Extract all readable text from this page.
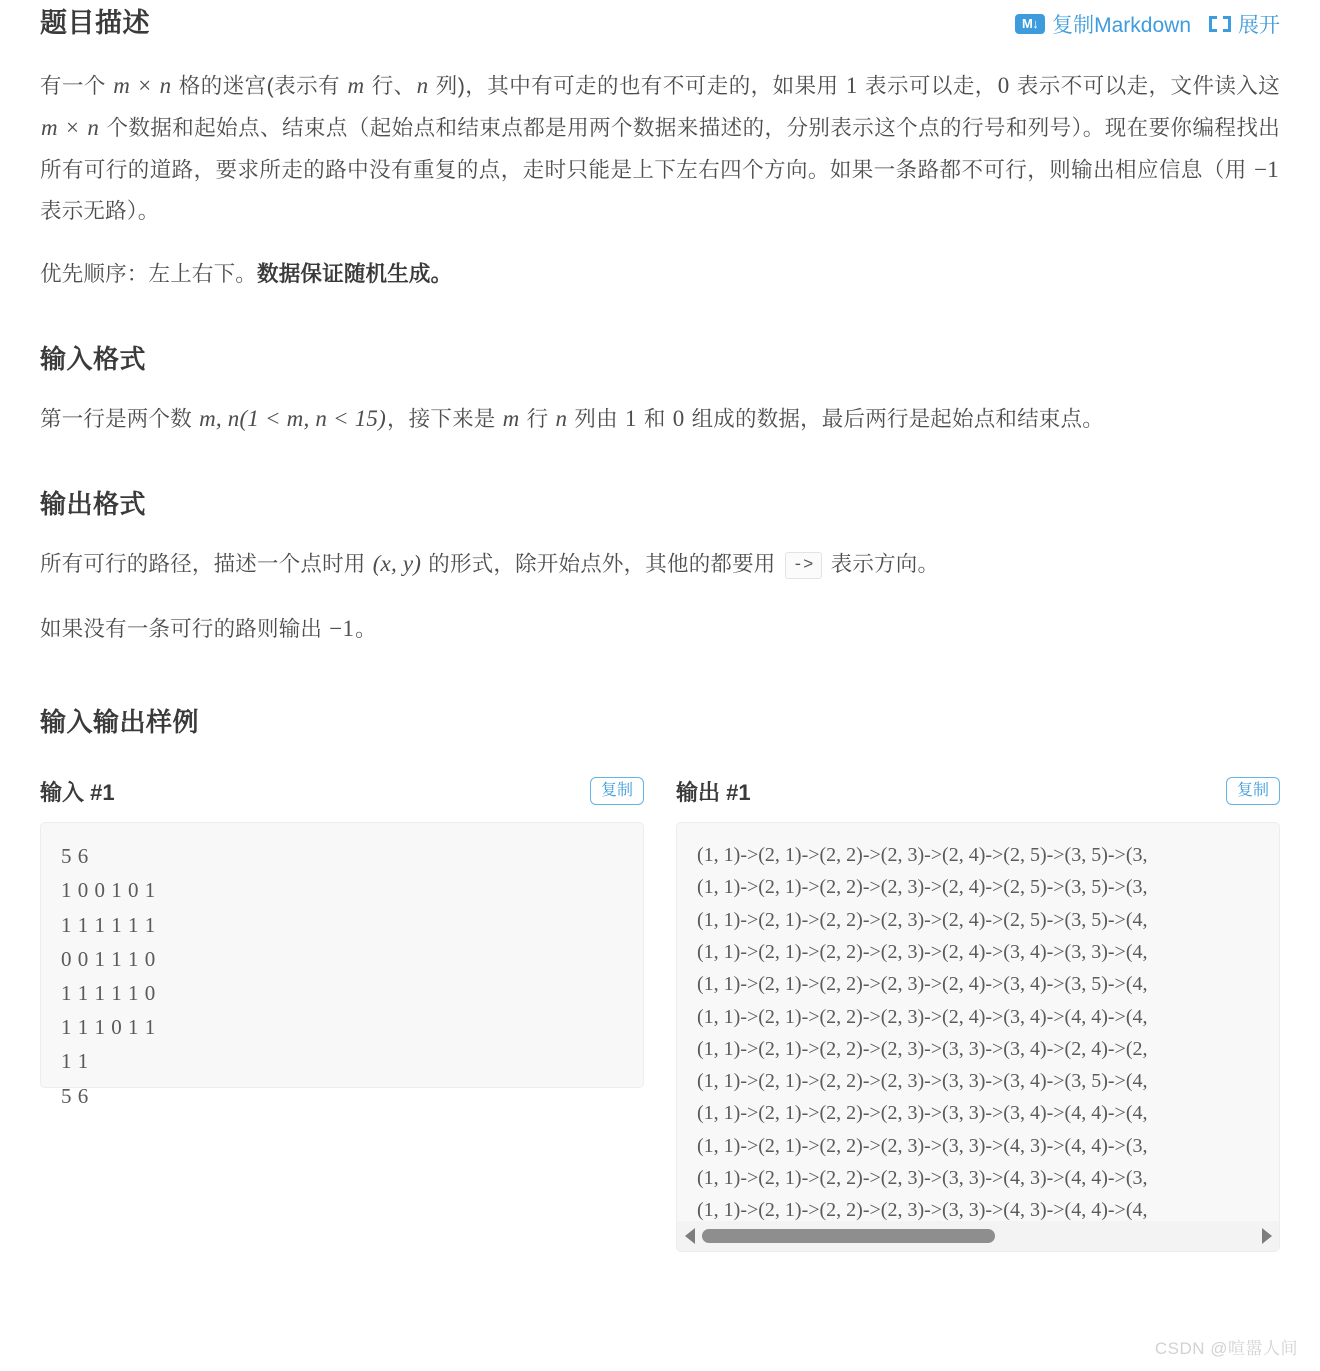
题目描述	M↓ 复制Markdown 展开

有一个 m × n 格的迷宫(表示有 m 行、n 列)，其中有可走的也有不可走的，如果用 1 表示可以走，0 表示不可以走，文件读入这 m × n 个数据和起始点、结束点（起始点和结束点都是用两个数据来描述的，分别表示这个点的行号和列号）。现在要你编程找出所有可行的道路，要求所走的路中没有重复的点，走时只能是上下左右四个方向。如果一条路都不可行，则输出相应信息（用 −1 表示无路）。

优先顺序：左上右下。数据保证随机生成。

输入格式

第一行是两个数 m, n(1 < m, n < 15)，接下来是 m 行 n 列由 1 和 0 组成的数据，最后两行是起始点和结束点。

输出格式

所有可行的路径，描述一个点时用 (x, y) 的形式，除开始点外，其他的都要用 -> 表示方向。

如果没有一条可行的路则输出 −1。

输入输出样例
输入 #1	复制
5 6
1 0 0 1 0 1
1 1 1 1 1 1
0 0 1 1 1 0
1 1 1 1 1 0
1 1 1 0 1 1
1 1
5 6
输出 #1	复制
(1, 1)->(2, 1)->(2, 2)->(2, 3)->(2, 4)->(2, 5)->(3, 5)->(3,
(1, 1)->(2, 1)->(2, 2)->(2, 3)->(2, 4)->(2, 5)->(3, 5)->(3,
(1, 1)->(2, 1)->(2, 2)->(2, 3)->(2, 4)->(2, 5)->(3, 5)->(4,
(1, 1)->(2, 1)->(2, 2)->(2, 3)->(2, 4)->(3, 4)->(3, 3)->(4,
(1, 1)->(2, 1)->(2, 2)->(2, 3)->(2, 4)->(3, 4)->(3, 5)->(4,
(1, 1)->(2, 1)->(2, 2)->(2, 3)->(2, 4)->(3, 4)->(4, 4)->(4,
(1, 1)->(2, 1)->(2, 2)->(2, 3)->(3, 3)->(3, 4)->(2, 4)->(2,
(1, 1)->(2, 1)->(2, 2)->(2, 3)->(3, 3)->(3, 4)->(3, 5)->(4,
(1, 1)->(2, 1)->(2, 2)->(2, 3)->(3, 3)->(3, 4)->(4, 4)->(4,
(1, 1)->(2, 1)->(2, 2)->(2, 3)->(3, 3)->(4, 3)->(4, 4)->(3,
(1, 1)->(2, 1)->(2, 2)->(2, 3)->(3, 3)->(4, 3)->(4, 4)->(3,
(1, 1)->(2, 1)->(2, 2)->(2, 3)->(3, 3)->(4, 3)->(4, 4)->(4,
CSDN @喧嚣人间
